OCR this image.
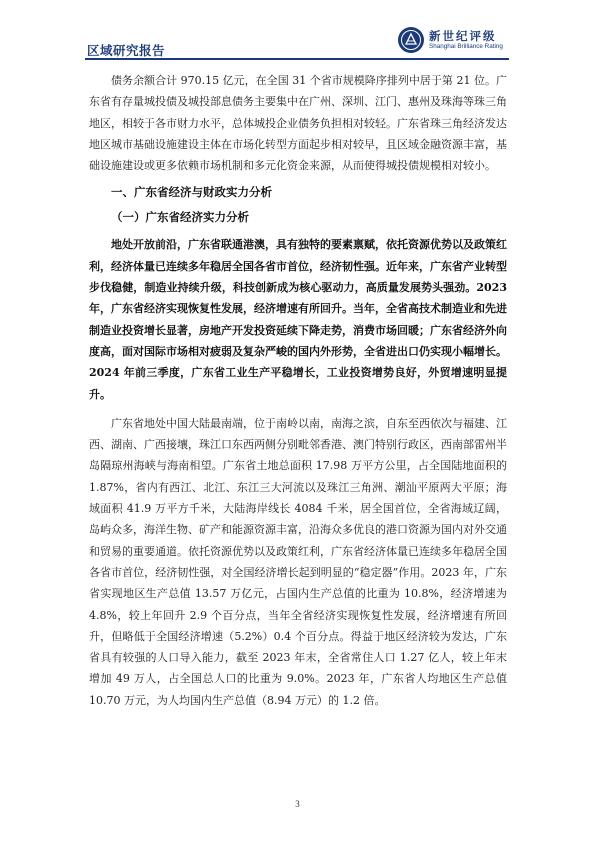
区域研究报告
新世纪评级
Shanghai Brilliance Rating

债务余额合计 970.15 亿元，在全国 31 个省市规模降序排列中居于第 21 位。广东省有存量城投债及城投部息债务主要集中在广州、深圳、江门、惠州及珠海等珠三角地区，相较于各市财力水平，总体城投企业债务负担相对较轻。广东省珠三角经济发达地区城市基础设施建设主体在市场化转型方面起步相对较早，且区域金融资源丰富，基础设施建设或更多依赖市场机制和多元化资金来源，从而使得城投债规模相对较小。

一、广东省经济与财政实力分析
（一）广东省经济实力分析

地处开放前沿，广东省联通港澳，具有独特的要素禀赋，依托资源优势以及政策红利，经济体量已连续多年稳居全国各省市首位，经济韧性强。近年来，广东省产业转型步伐稳健，制造业持续升级，科技创新成为核心驱动力，高质量发展势头强劲。2023 年，广东省经济实现恢复性发展，经济增速有所回升。当年，全省高技术制造业和先进制造业投资增长显著，房地产开发投资延续下降走势，消费市场回暖；广东省经济外向度高，面对国际市场相对疲弱及复杂严峻的国内外形势，全省进出口仍实现小幅增长。2024 年前三季度，广东省工业生产平稳增长，工业投资增势良好，外贸增速明显提升。

广东省地处中国大陆最南端，位于南岭以南，南海之滨，自东至西依次与福建、江西、湖南、广西接壤，珠江口东西两侧分别毗邻香港、澳门特别行政区，西南部雷州半岛隔琼州海峡与海南相望。广东省土地总面积 17.98 万平方公里，占全国陆地面积的 1.87%，省内有西江、北江、东江三大河流以及珠江三角洲、潮汕平原两大平原；海域面积 41.9 万平方千米，大陆海岸线长 4084 千米，居全国首位，全省海域辽阔，岛屿众多，海洋生物、矿产和能源资源丰富，沿海众多优良的港口资源为国内对外交通和贸易的重要通道。依托资源优势以及政策红利，广东省经济体量已连续多年稳居全国各省市首位，经济韧性强，对全国经济增长起到明显的“稳定器”作用。2023 年，广东省实现地区生产总值 13.57 万亿元，占国内生产总值的比重为 10.8%，经济增速为 4.8%，较上年回升 2.9 个百分点，当年全省经济实现恢复性发展，经济增速有所回升，但略低于全国经济增速（5.2%）0.4 个百分点。得益于地区经济较为发达，广东省具有较强的人口导入能力，截至 2023 年末，全省常住人口 1.27 亿人，较上年末增加 49 万人，占全国总人口的比重为 9.0%。2023 年，广东省人均地区生产总值 10.70 万元，为人均国内生产总值（8.94 万元）的 1.2 倍。

3
